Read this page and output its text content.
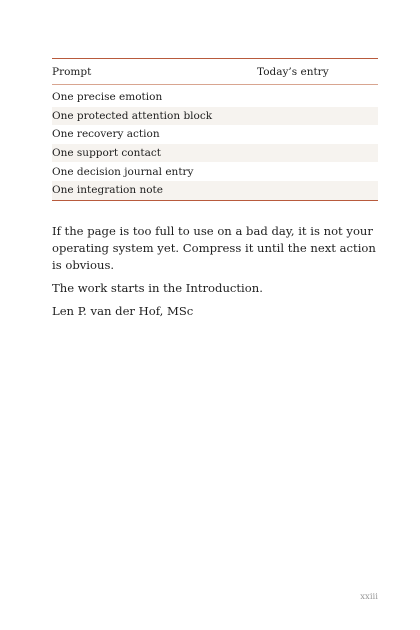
Prompt	Today’s entry
One precise emotion
One protected attention block
One recovery action
One support contact
One decision journal entry
One integration note

If the page is too full to use on a bad day, it is not your operating system yet. Compress it until the next action is obvious.

The work starts in the Introduction.

Len P. van der Hof, MSc

xxiii
